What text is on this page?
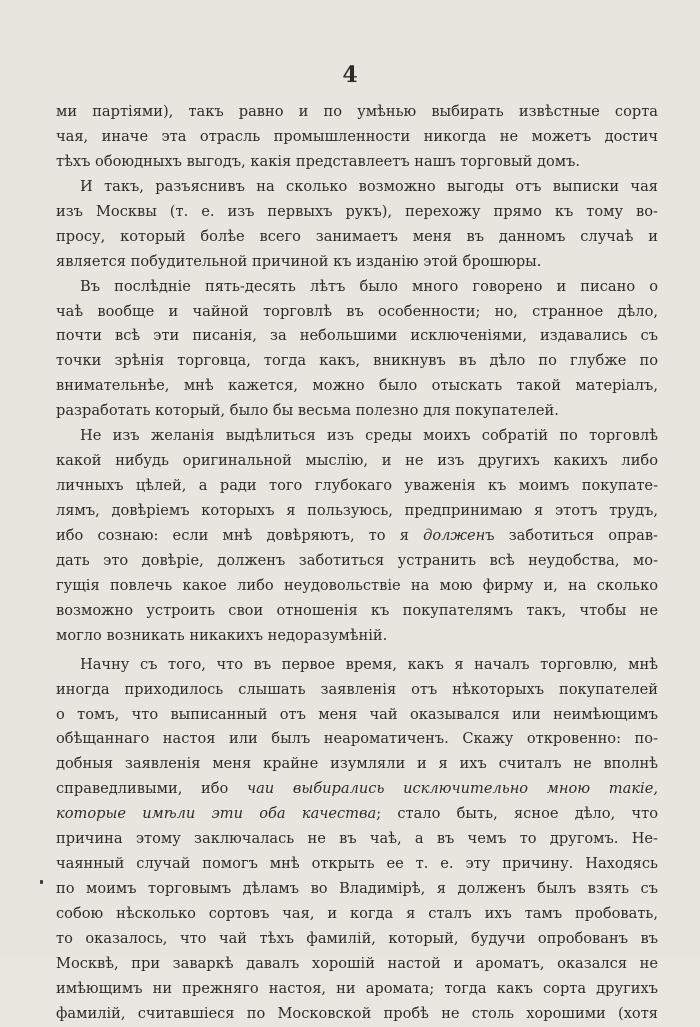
4
ми партіями), такъ равно и по умѣнью выбирать извѣстные сорта
чая, иначе эта отрасль промышленности никогда не можетъ достич
тѣхъ обоюдныхъ выгодъ, какія представлеетъ нашъ торговый домъ.
И такъ, разъяснивъ на сколько возможно выгоды отъ выписки чая
изъ Москвы (т. е. изъ первыхъ рукъ), перехожу прямо къ тому во-
просу, который болѣе всего занимаетъ меня въ данномъ случаѣ и
является побудительной причиной къ изданію этой брошюры.
Въ послѣдніе пять-десять лѣтъ было много говорено и писано о
чаѣ вообще и чайной торговлѣ въ особенности; но, странное дѣло,
почти всѣ эти писанія, за небольшими исключеніями, издавались съ
точки зрѣнія торговца, тогда какъ, вникнувъ въ дѣло по глубже по
внимательнѣе, мнѣ кажется, можно было отыскать такой матеріалъ,
разработать который, было бы весьма полезно для покупателей.
Не изъ желанія выдѣлиться изъ среды моихъ собратій по торговлѣ
какой нибудь оригинальной мыслію, и не изъ другихъ какихъ либо
личныхъ цѣлей, а ради того глубокаго уваженія къ моимъ покупате-
лямъ, довѣріемъ которыхъ я пользуюсь, предпринимаю я этотъ трудъ,
ибо сознаю: если мнѣ довѣряютъ, то я долженъ заботиться оправ-
дать это довѣріе, долженъ заботиться устранить всѣ неудобства, мо-
гущія повлечь какое либо неудовольствіе на мою фирму и, на сколько
возможно устроить свои отношенія къ покупателямъ такъ, чтобы не
могло возникать никакихъ недоразумѣній.
Начну съ того, что въ первое время, какъ я началъ торговлю, мнѣ
иногда приходилось слышать заявленія отъ нѣкоторыхъ покупателей
о томъ, что выписанный отъ меня чай оказывался или неимѣющимъ
обѣщаннаго настоя или былъ неароматиченъ. Скажу откровенно: по-
добныя заявленія меня крайне изумляли и я ихъ считалъ не вполнѣ
справедливыми, ибо чаи выбирались исключительно мною такіе,
которые имѣли эти оба качества; стало быть, ясное дѣло, что
причина этому заключалась не въ чаѣ, а въ чемъ то другомъ. Не-
чаянный случай помогъ мнѣ открыть ее т. е. эту причину. Находясь
по моимъ торговымъ дѣламъ во Владимірѣ, я долженъ былъ взять съ
собою нѣсколько сортовъ чая, и когда я сталъ ихъ тамъ пробовать,
то оказалось, что чай тѣхъ фамилій, который, будучи опробованъ въ
Москвѣ, при заваркѣ давалъ хорошій настой и ароматъ, оказался не
имѣющимъ ни прежняго настоя, ни аромата; тогда какъ сорта другихъ
фамилій, считавшіеся по Московской пробѣ не столь хорошими (хотя
